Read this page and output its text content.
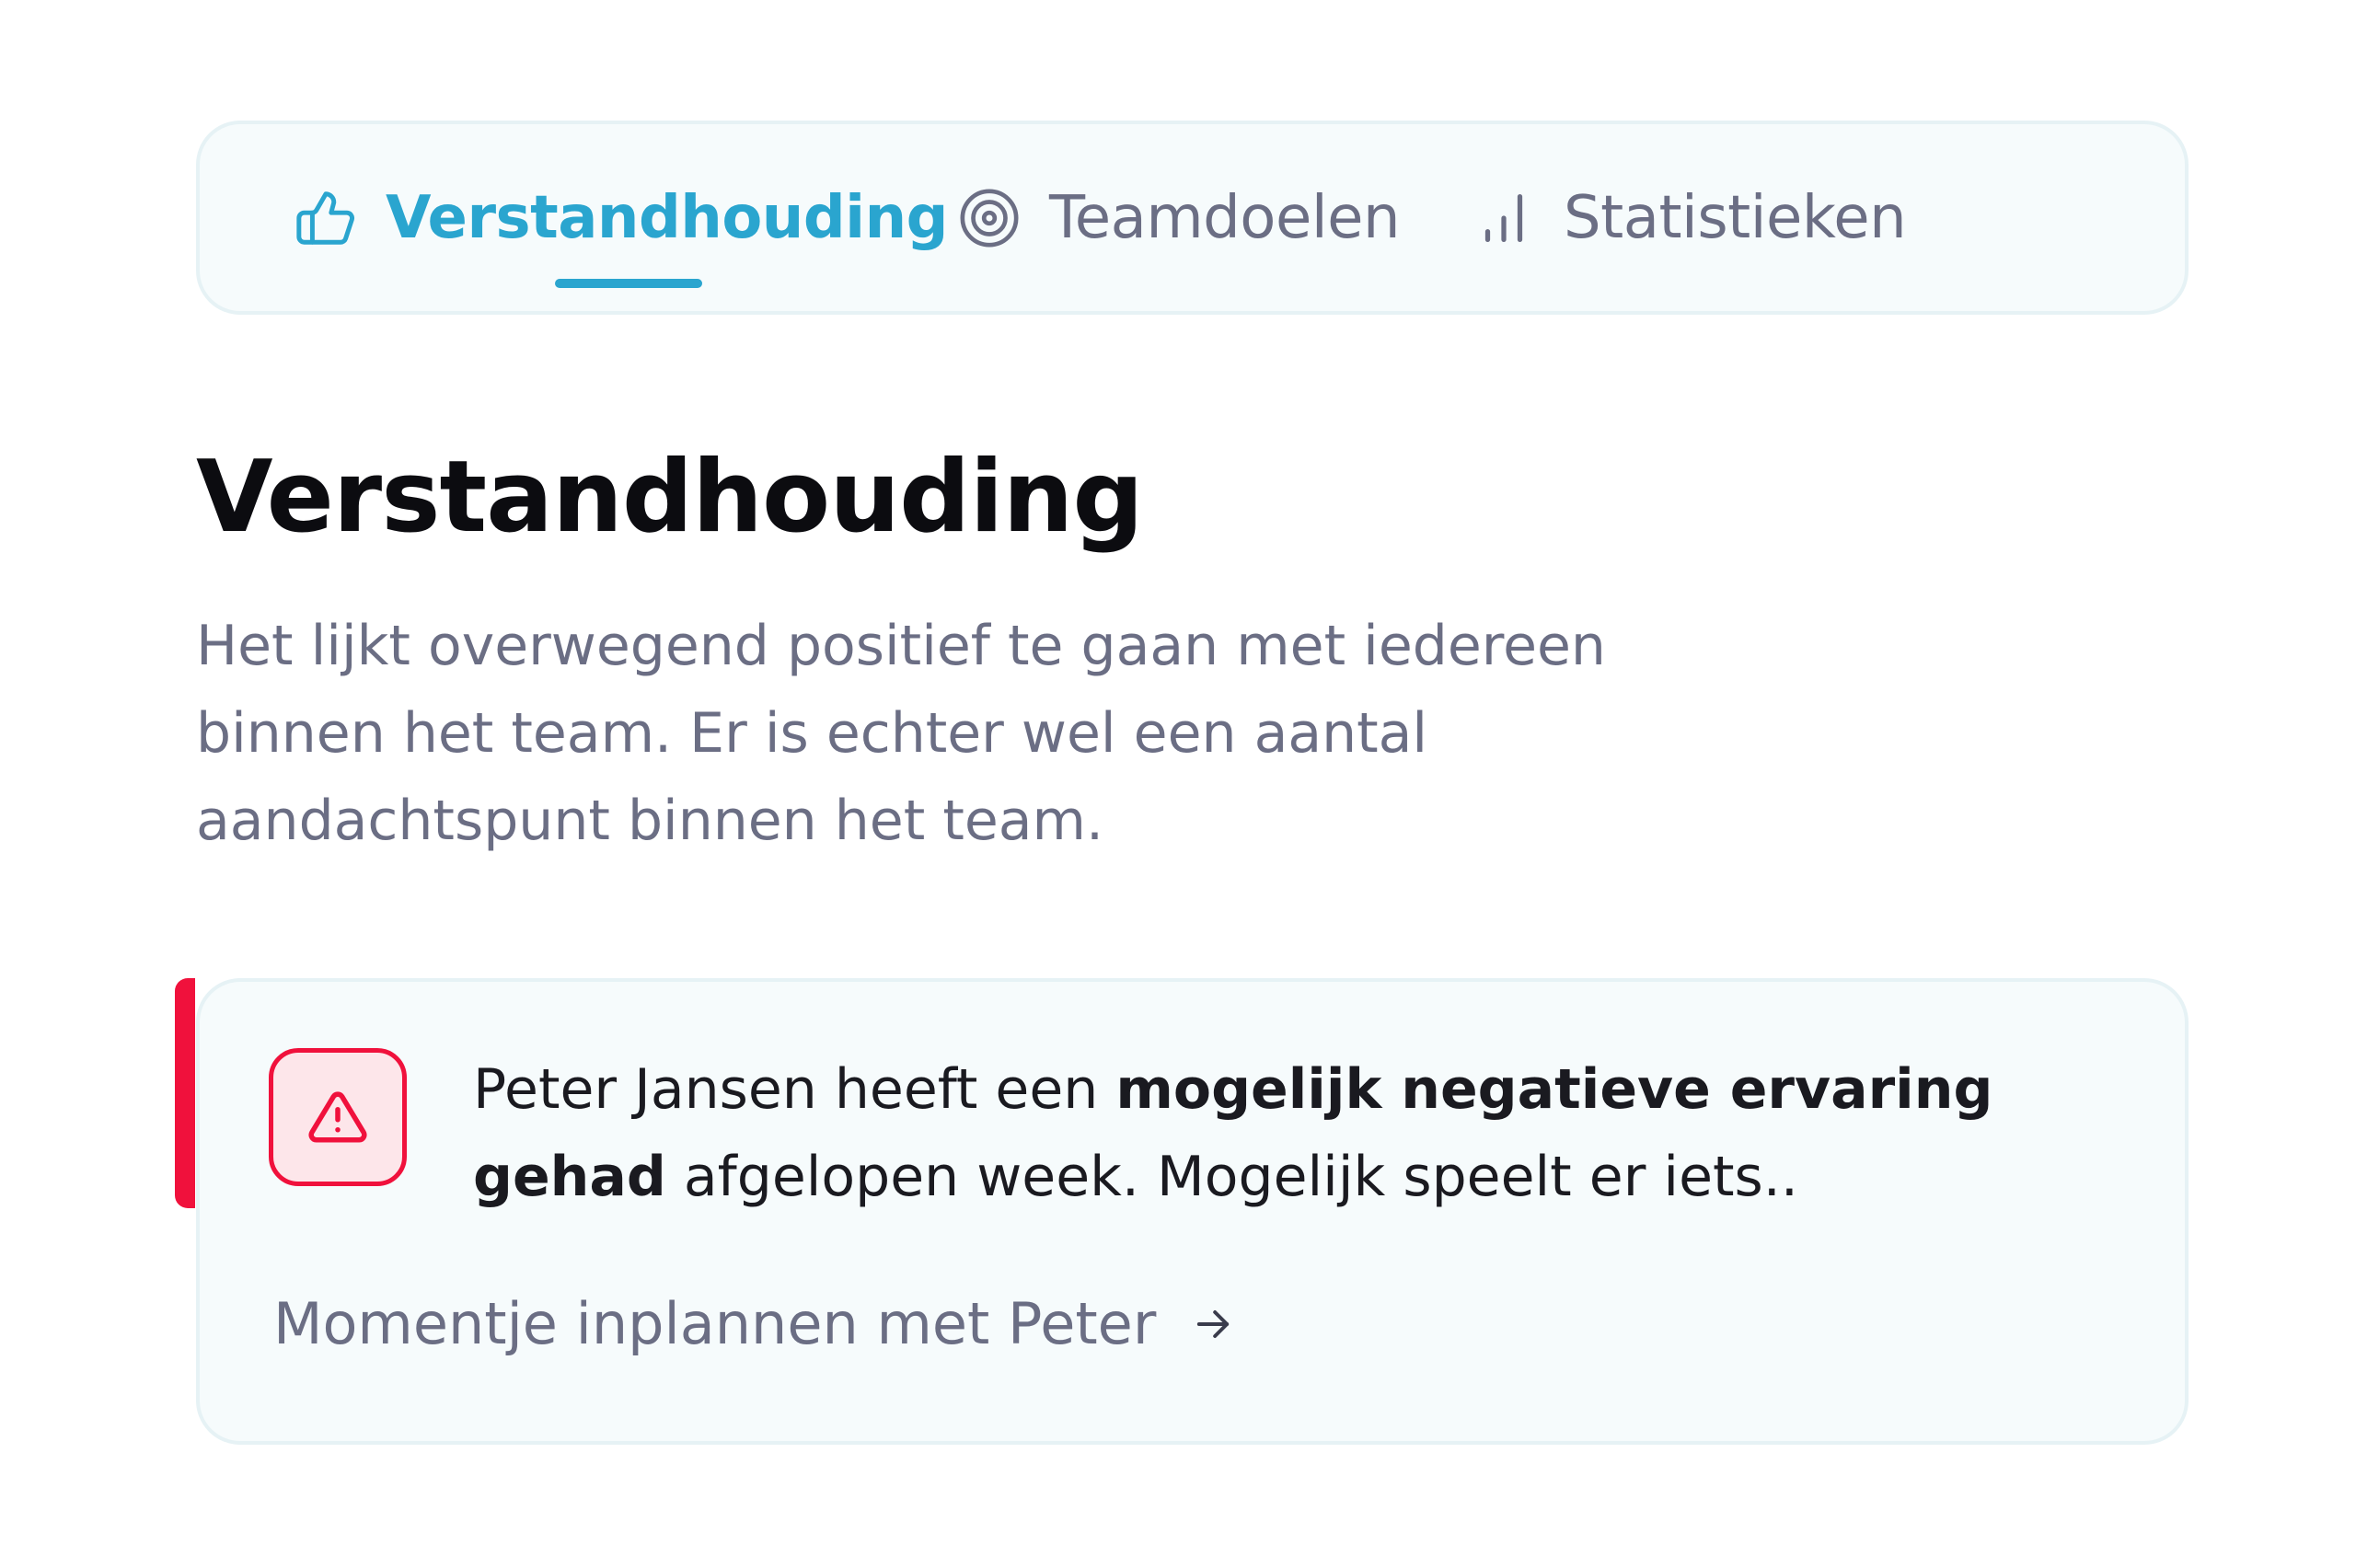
Verstandhouding Teamdoelen	Statistieken
Verstandhouding

Het lijkt overwegend positief te gaan met iedereen binnen het team. Er is echter wel een aantal aandachtspunt binnen het team.

Peter Jansen heeft een mogelijk negatieve ervaring gehad afgelopen week. Mogelijk speelt er iets..

Momentje inplannen met Peter
